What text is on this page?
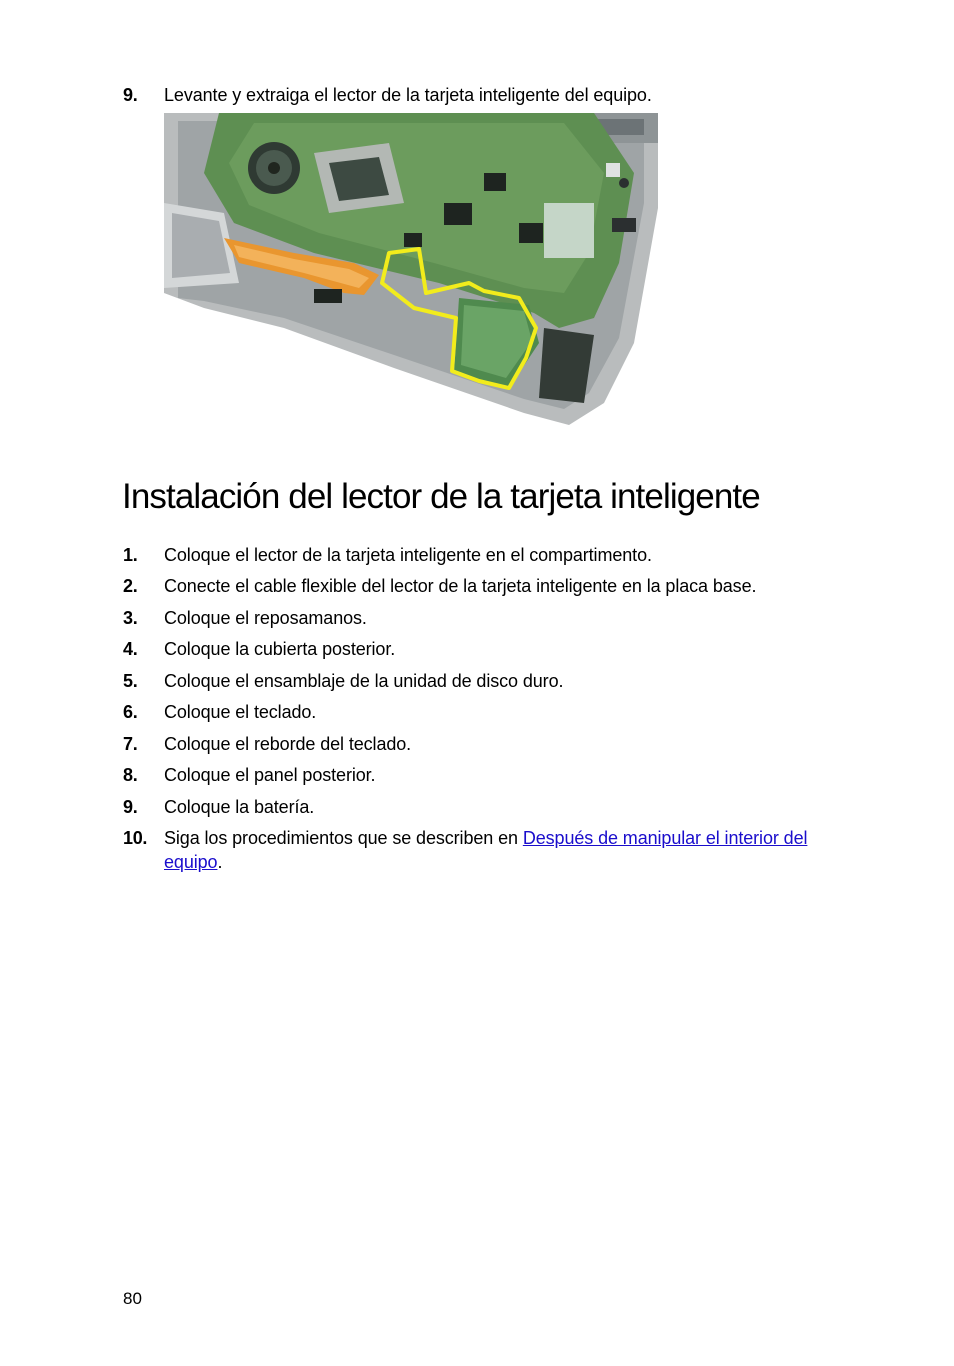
9. Levante y extraiga el lector de la tarjeta inteligente del equipo.
Instalación del lector de la tarjeta inteligente
1. Coloque el lector de la tarjeta inteligente en el compartimento.
2. Conecte el cable flexible del lector de la tarjeta inteligente en la placa base.
3. Coloque el reposamanos.
4. Coloque la cubierta posterior.
5. Coloque el ensamblaje de la unidad de disco duro.
6. Coloque el teclado.
7. Coloque el reborde del teclado.
8. Coloque el panel posterior.
9. Coloque la batería.
10. Siga los procedimientos que se describen en Después de manipular el interior del equipo.
80
